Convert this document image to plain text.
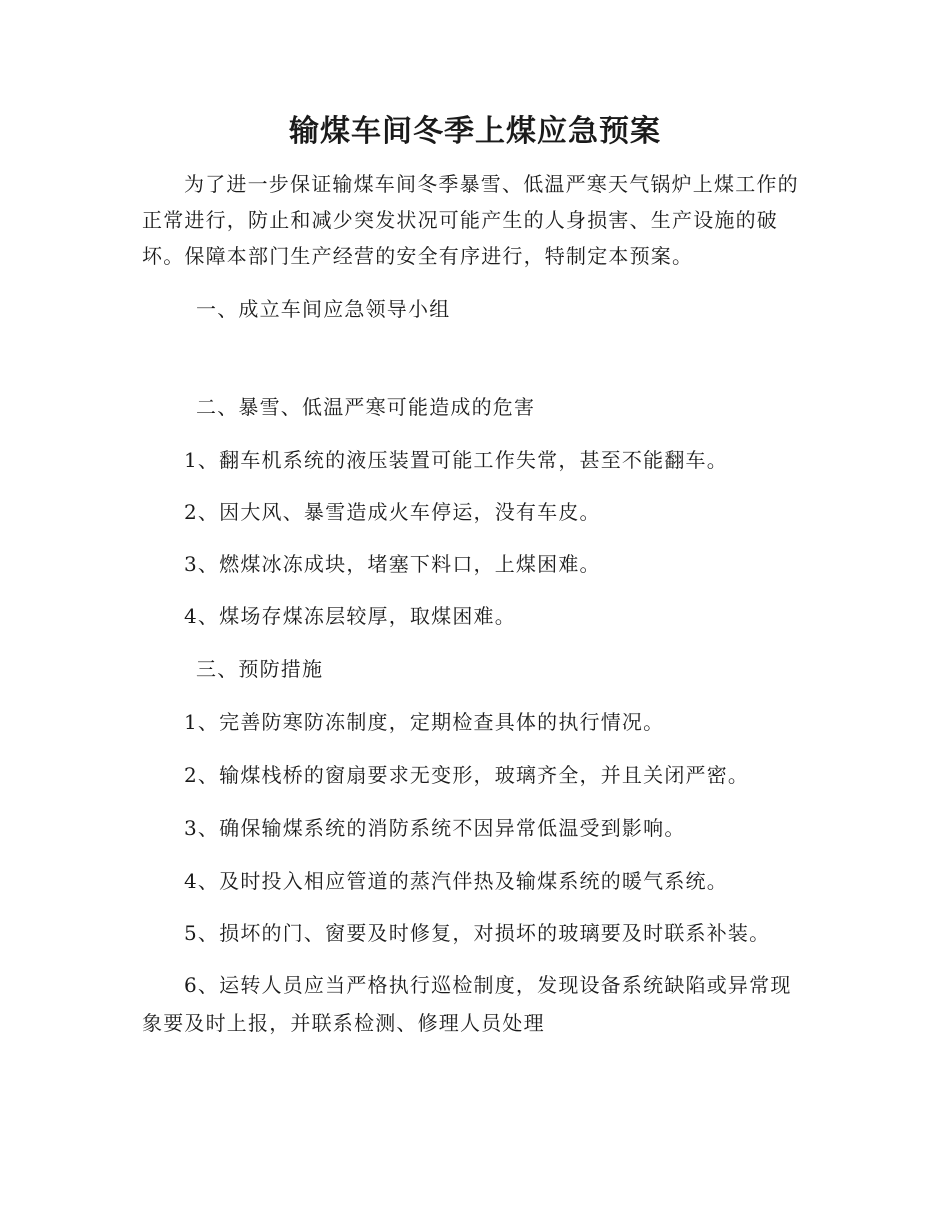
输煤车间冬季上煤应急预案
为了进一步保证输煤车间冬季暴雪、低温严寒天气锅炉上煤工作的正常进行，防止和减少突发状况可能产生的人身损害、生产设施的破坏。保障本部门生产经营的安全有序进行，特制定本预案。
一、成立车间应急领导小组
二、暴雪、低温严寒可能造成的危害
1、翻车机系统的液压装置可能工作失常，甚至不能翻车。
2、因大风、暴雪造成火车停运，没有车皮。
3、燃煤冰冻成块，堵塞下料口，上煤困难。
4、煤场存煤冻层较厚，取煤困难。
三、预防措施
1、完善防寒防冻制度，定期检查具体的执行情况。
2、输煤栈桥的窗扇要求无变形，玻璃齐全，并且关闭严密。
3、确保输煤系统的消防系统不因异常低温受到影响。
4、及时投入相应管道的蒸汽伴热及输煤系统的暖气系统。
5、损坏的门、窗要及时修复，对损坏的玻璃要及时联系补装。
6、运转人员应当严格执行巡检制度，发现设备系统缺陷或异常现象要及时上报，并联系检测、修理人员处理
